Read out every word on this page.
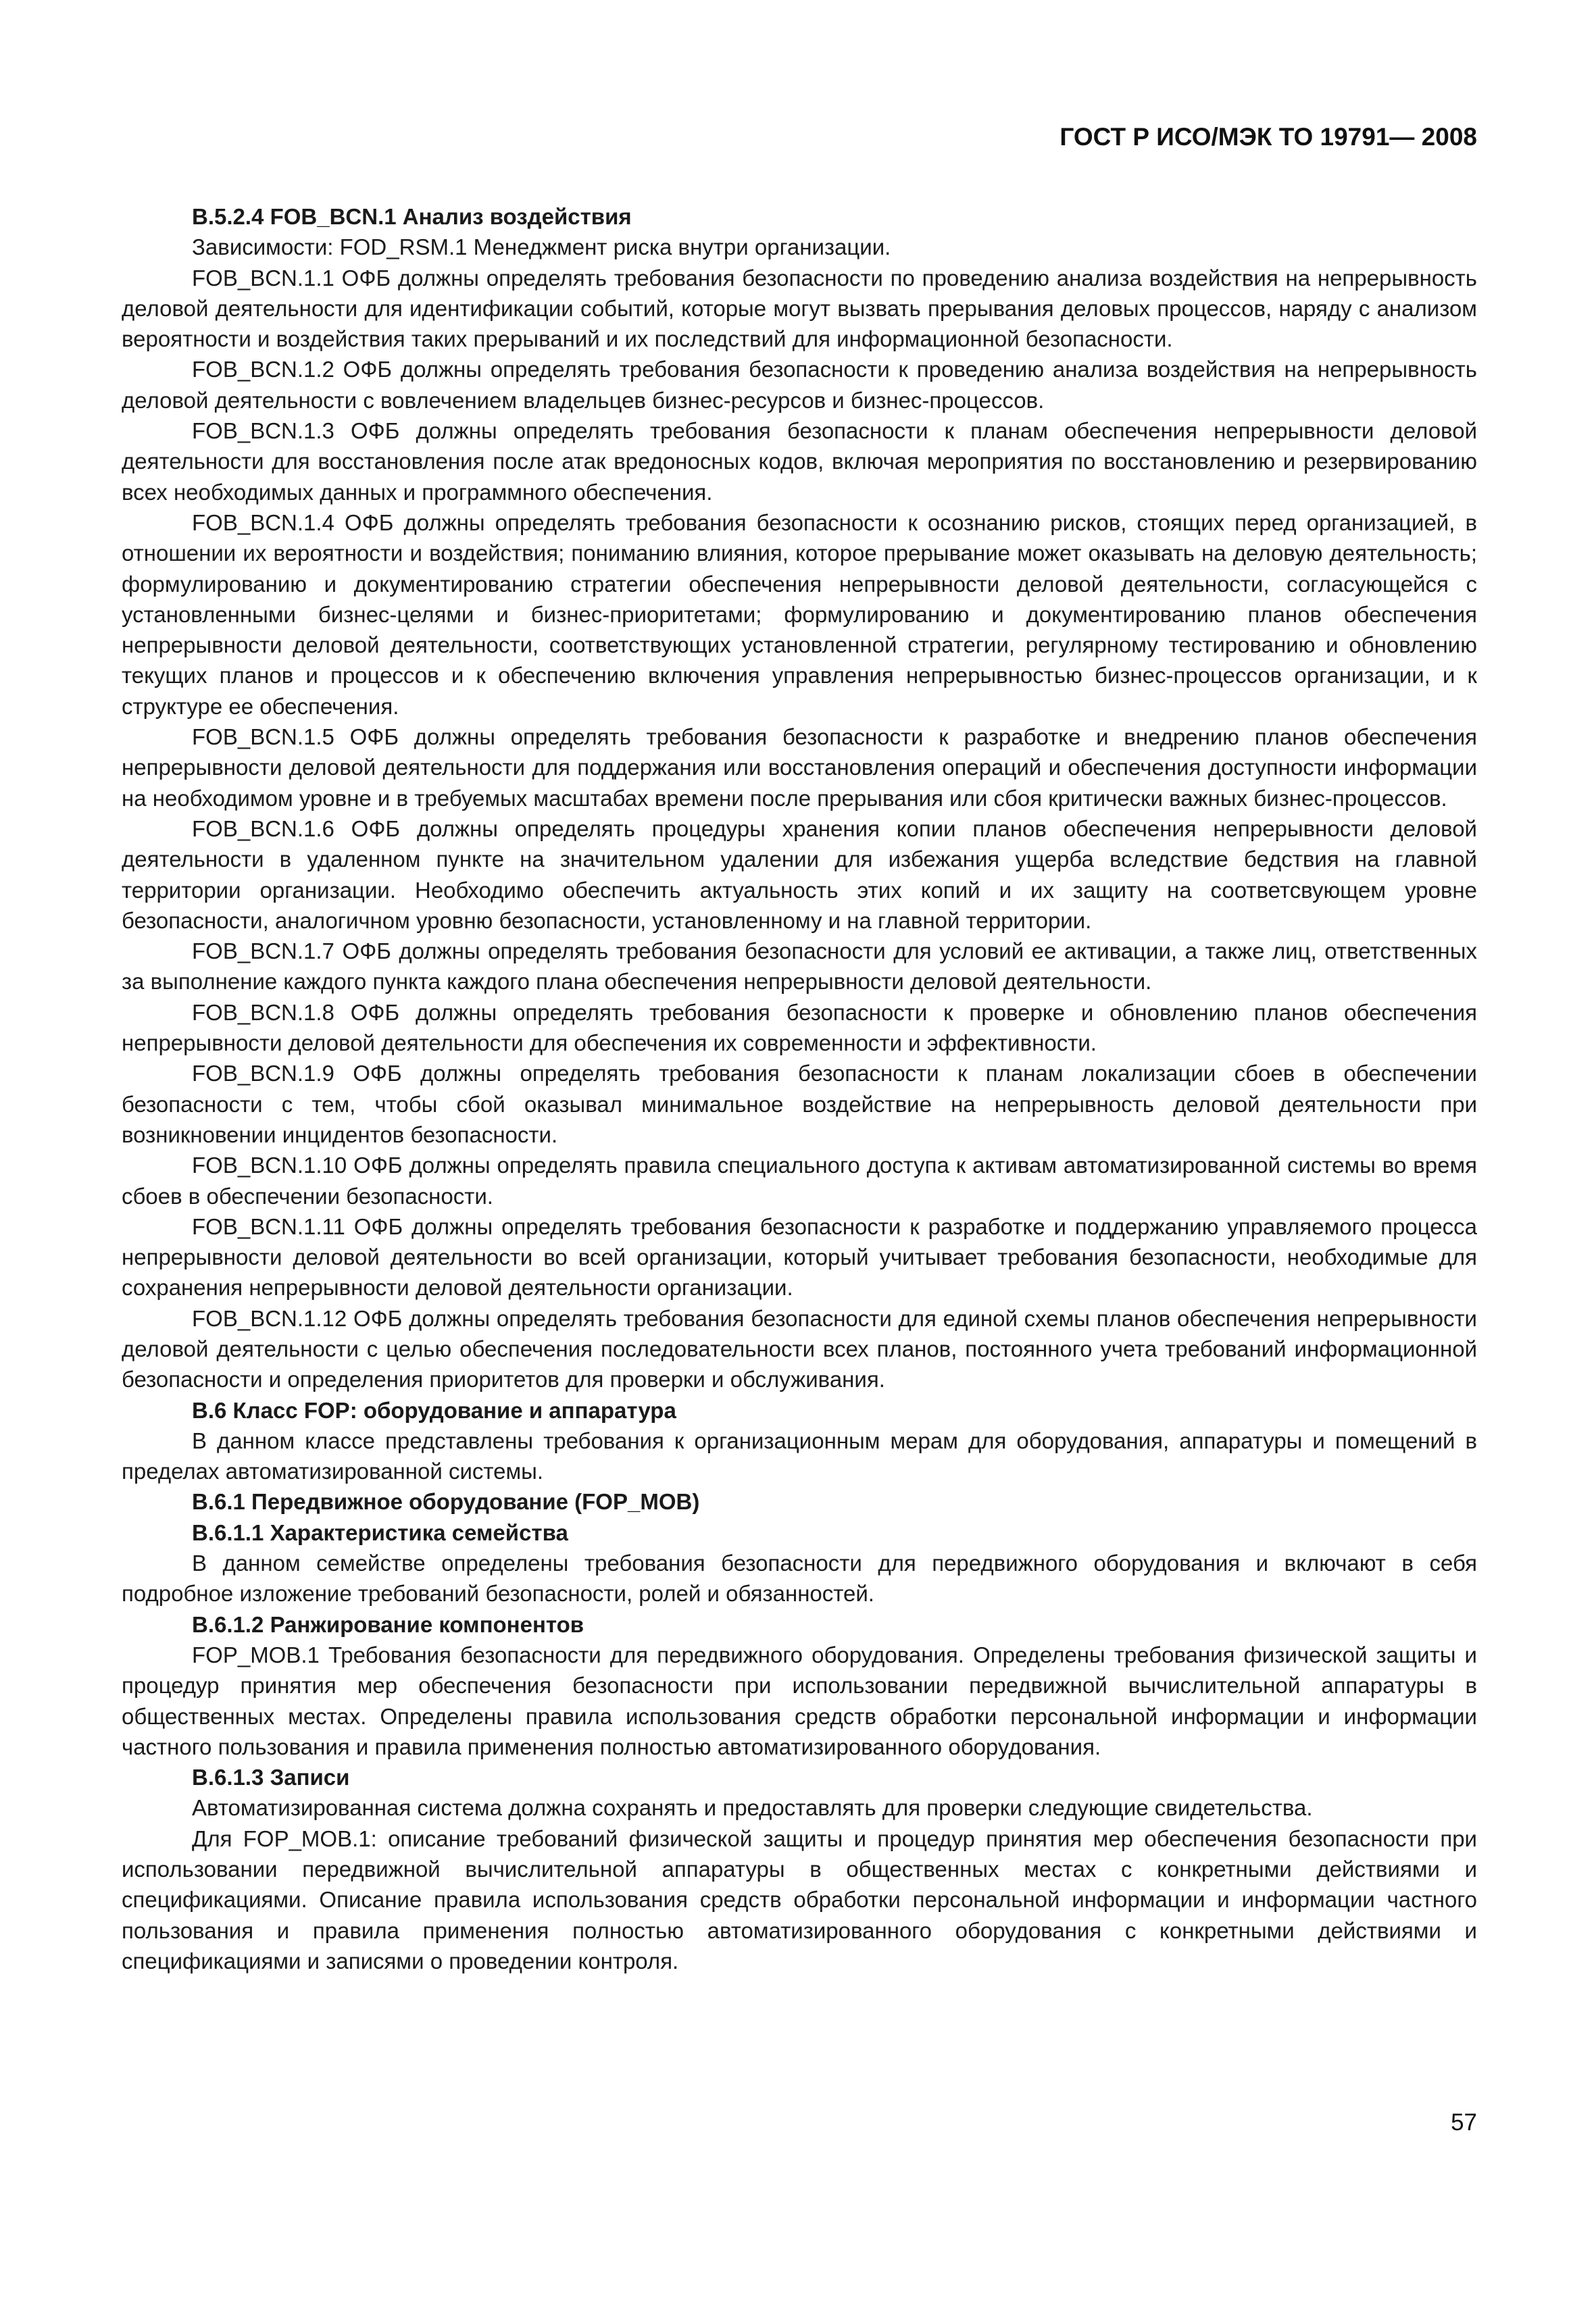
ГОСТ Р ИСО/МЭК ТО 19791— 2008

В.5.2.4 FOB_BCN.1 Анализ воздействия

Зависимости: FOD_RSM.1 Менеджмент риска внутри организации.

FOB_BCN.1.1 ОФБ должны определять требования безопасности по проведению анализа воздействия на непрерывность деловой деятельности для идентификации событий, которые могут вызвать прерывания деловых процессов, наряду с анализом вероятности и воздействия таких прерываний и их последствий для информационной безопасности.

FOB_BCN.1.2 ОФБ должны определять требования безопасности к проведению анализа воздействия на непрерывность деловой деятельности с вовлечением владельцев бизнес-ресурсов и бизнес-процессов.

FOB_BCN.1.3 ОФБ должны определять требования безопасности к планам обеспечения непрерывности деловой деятельности для восстановления после атак вредоносных кодов, включая мероприятия по восстановлению и резервированию всех необходимых данных и программного обеспечения.

FOB_BCN.1.4 ОФБ должны определять требования безопасности к осознанию рисков, стоящих перед организацией, в отношении их вероятности и воздействия; пониманию влияния, которое прерывание может оказывать на деловую деятельность; формулированию и документированию стратегии обеспечения непрерывности деловой деятельности, согласующейся с установленными бизнес-целями и бизнес-приоритетами; формулированию и документированию планов обеспечения непрерывности деловой деятельности, соответствующих установленной стратегии, регулярному тестированию и обновлению текущих планов и процессов и к обеспечению включения управления непрерывностью бизнес-процессов организации, и к структуре ее обеспечения.

FOB_BCN.1.5 ОФБ должны определять требования безопасности к разработке и внедрению планов обеспечения непрерывности деловой деятельности для поддержания или восстановления операций и обеспечения доступности информации на необходимом уровне и в требуемых масштабах времени после прерывания или сбоя критически важных бизнес-процессов.

FOB_BCN.1.6 ОФБ должны определять процедуры хранения копии планов обеспечения непрерывности деловой деятельности в удаленном пункте на значительном удалении для избежания ущерба вследствие бедствия на главной территории организации. Необходимо обеспечить актуальность этих копий и их защиту на соответсвующем уровне безопасности, аналогичном уровню безопасности, установленному и на главной территории.

FOB_BCN.1.7 ОФБ должны определять требования безопасности для условий ее активации, а также лиц, ответственных за выполнение каждого пункта каждого плана обеспечения непрерывности деловой деятельности.

FOB_BCN.1.8 ОФБ должны определять требования безопасности к проверке и обновлению планов обеспечения непрерывности деловой деятельности для обеспечения их современности и эффективности.

FOB_BCN.1.9 ОФБ должны определять требования безопасности к планам локализации сбоев в обеспечении безопасности с тем, чтобы сбой оказывал минимальное воздействие на непрерывность деловой деятельности при возникновении инцидентов безопасности.

FOB_BCN.1.10 ОФБ должны определять правила специального доступа к активам автоматизированной системы во время сбоев в обеспечении безопасности.

FOB_BCN.1.11 ОФБ должны определять требования безопасности к разработке и поддержанию управляемого процесса непрерывности деловой деятельности во всей организации, который учитывает требования безопасности, необходимые для сохранения непрерывности деловой деятельности организации.

FOB_BCN.1.12 ОФБ должны определять требования безопасности для единой схемы планов обеспечения непрерывности деловой деятельности с целью обеспечения последовательности всех планов, постоянного учета требований информационной безопасности и определения приоритетов для проверки и обслуживания.

В.6 Класс FOP: оборудование и аппаратура

В данном классе представлены требования к организационным мерам для оборудования, аппаратуры и помещений в пределах автоматизированной системы.

В.6.1 Передвижное оборудование (FOP_MOB)

В.6.1.1 Характеристика семейства

В данном семействе определены требования безопасности для передвижного оборудования и включают в себя подробное изложение требований безопасности, ролей и обязанностей.

В.6.1.2 Ранжирование компонентов

FOP_MOB.1 Требования безопасности для передвижного оборудования. Определены требования физической защиты и процедур принятия мер обеспечения безопасности при использовании передвижной вычислительной аппаратуры в общественных местах. Определены правила использования средств обработки персональной информации и информации частного пользования и правила применения полностью автоматизированного оборудования.

В.6.1.3 Записи

Автоматизированная система должна сохранять и предоставлять для проверки следующие свидетельства.

Для FOP_MOB.1: описание требований физической защиты и процедур принятия мер обеспечения безопасности при использовании передвижной вычислительной аппаратуры в общественных местах с конкретными действиями и спецификациями. Описание правила использования средств обработки персональной информации и информации частного пользования и правила применения полностью автоматизированного оборудования с конкретными действиями и спецификациями и записями о проведении контроля.

57
